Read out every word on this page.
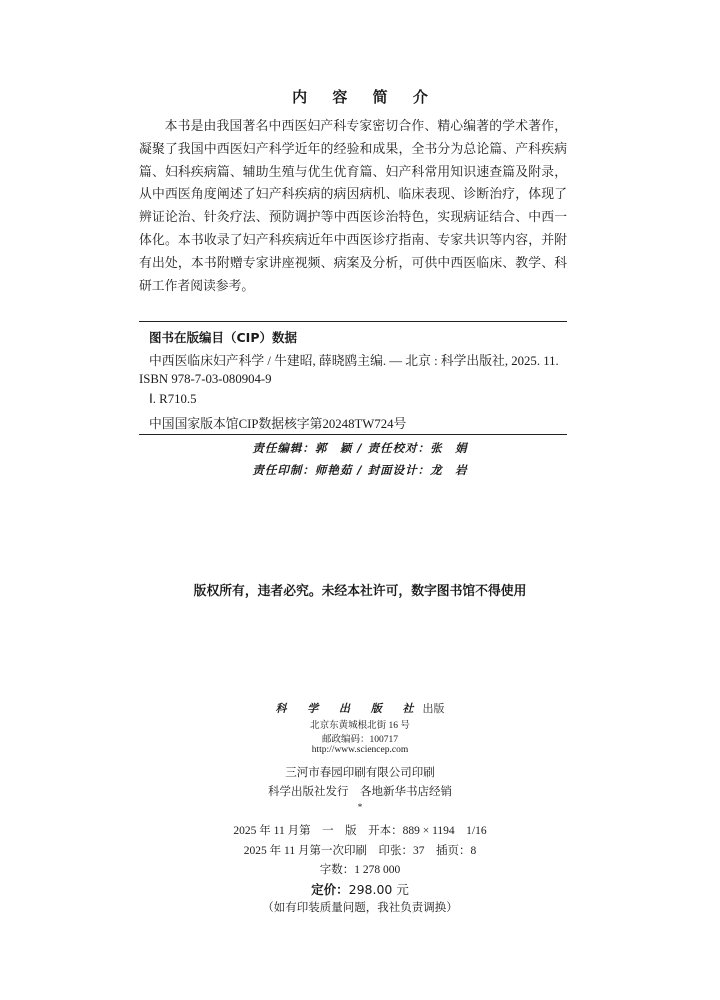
内 容 简 介
本书是由我国著名中西医妇产科专家密切合作、精心编著的学术著作，凝聚了我国中西医妇产科学近年的经验和成果，全书分为总论篇、产科疾病篇、妇科疾病篇、辅助生殖与优生优育篇、妇产科常用知识速查篇及附录，从中西医角度阐述了妇产科疾病的病因病机、临床表现、诊断治疗，体现了辨证论治、针灸疗法、预防调护等中西医诊治特色，实现病证结合、中西一体化。本书收录了妇产科疾病近年中西医诊疗指南、专家共识等内容，并附有出处，本书附赠专家讲座视频、病案及分析，可供中西医临床、教学、科研工作者阅读参考。
图书在版编目（CIP）数据
中西医临床妇产科学 / 牛建昭, 薛晓鸥主编. — 北京 : 科学出版社, 2025. 11.
ISBN 978-7-03-080904-9
Ⅰ. R710.5
中国国家版本馆CIP数据核字第20248TW724号
责任编辑：郭　颖 / 责任校对：张　娟
责任印制：师艳茹 / 封面设计：龙　岩
版权所有，违者必究。未经本社许可，数字图书馆不得使用
科 学 出 版 社出版
北京东黄城根北街 16 号
邮政编码：100717
http://www.sciencep.com
三河市春园印刷有限公司印刷
科学出版社发行　各地新华书店经销
*
2025 年 11 月第　一　版　开本：889 × 1194　1/16
2025 年 11 月第一次印刷　印张：37　插页：8
字数：1 278 000
定价：298.00 元
（如有印装质量问题，我社负责调换）
